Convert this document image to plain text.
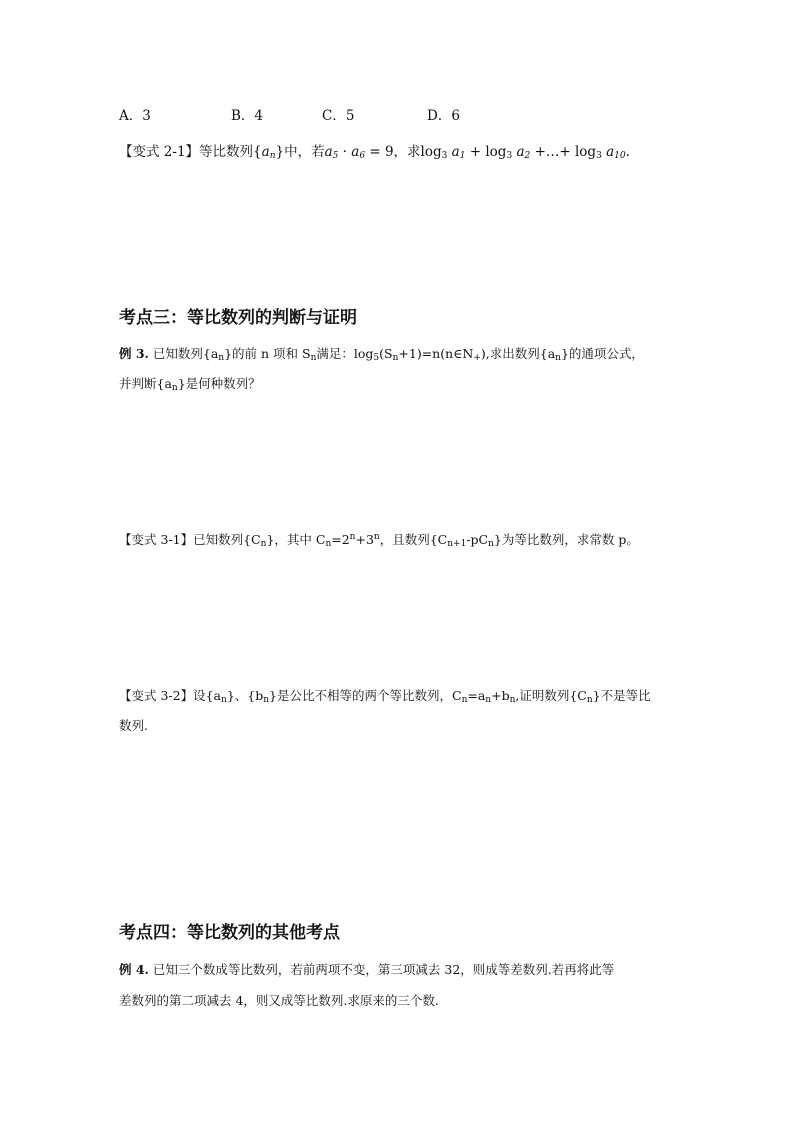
A．3	B．4	C．5	D．6
【变式 2-1】等比数列$\{a_n\}$中，若$a_5 \cdot a_6 = 9$，求$\log_3 a_1 + \log_3 a_2$ +…+ $\log_3 a_{10}$.
考点三：等比数列的判断与证明
例 3. 已知数列$\{a_n\}$的前 n 项和 $S_n$满足：$\log_5(S_n+1)=n(n\in N_+)$,求出数列$\{a_n\}$的通项公式，
并判断$\{a_n\}$是何种数列？
【变式 3-1】已知数列$\{C_n\}$，其中 $C_n=2^n+3^n$，且数列$\{C_{n+1}-pC_n\}$为等比数列，求常数 p。
【变式 3-2】设$\{a_n\}$、$\{b_n\}$是公比不相等的两个等比数列，$C_n=a_n+b_n$,证明数列$\{C_n\}$不是等比
数列.
考点四：等比数列的其他考点
例 4. 已知三个数成等比数列，若前两项不变，第三项减去 32，则成等差数列.若再将此等
差数列的第二项减去 4，则又成等比数列.求原来的三个数.
